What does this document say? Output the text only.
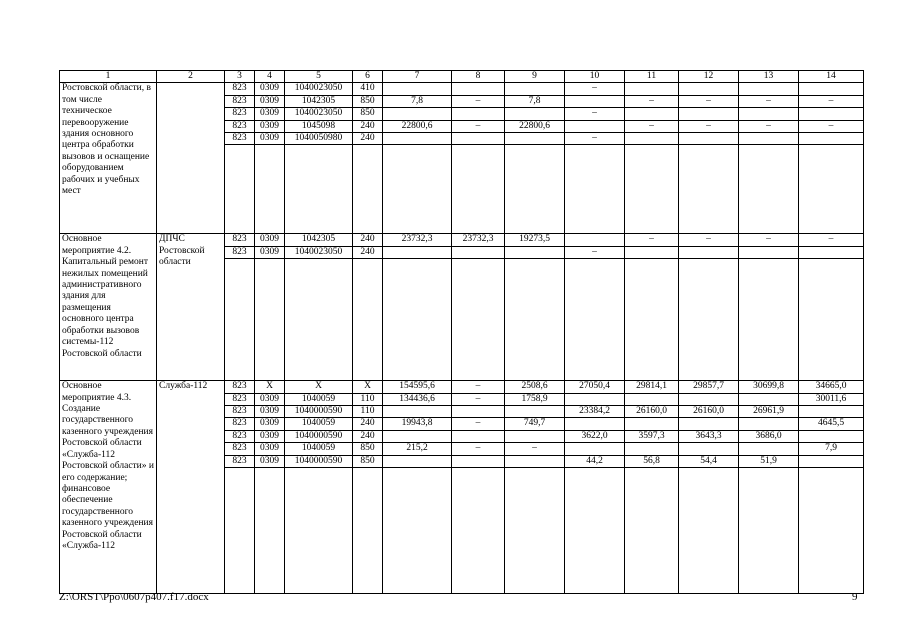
1	2	3	4	5	6	7	8	9	10	11	12	13	14
Ростовской области, в том числе техническое перевооружение здания основного центра обработки вызовов и оснащение оборудованием рабочих и учебных мест		823	0309	1040023050	410				–				
		823	0309	1042305	850	7,8	–	7,8		–	–	–	–
		823	0309	1040023050	850				–				
		823	0309	1045098	240	22800,6	–	22800,6		–	–	–	–
		823	0309	1040050980	240				–				

Основное мероприятие 4.2. Капитальный ремонт нежилых помещений административного здания для размещения основного центра обработки вызовов системы-112 Ростовской области	ДПЧС Ростовской области	823	0309	1042305	240	23732,3	23732,3	19273,5		–	–	–	–
		823	0309	1040023050	240				–				

Основное мероприятие 4.3. Создание государственного казенного учреждения Ростовской области «Служба-112 Ростовской области» и его содержание; финансовое обеспечение государственного казенного учреждения Ростовской области «Служба-112	Служба-112	823	X	X	X	154595,6	–	2508,6	27050,4	29814,1	29857,7	30699,8	34665,0
		823	0309	1040059	110	134436,6	–	1758,9					30011,6
		823	0309	1040000590	110				23384,2	26160,0	26160,0	26961,9	
		823	0309	1040059	240	19943,8	–	749,7					4645,5
		823	0309	1040000590	240				3622,0	3597,3	3643,3	3686,0	
		823	0309	1040059	850	215,2	–	–					7,9
		823	0309	1040000590	850				44,2	56,8	54,4	51,9	

Z:\ORST\Ppo\0607p407.f17.docx	9
